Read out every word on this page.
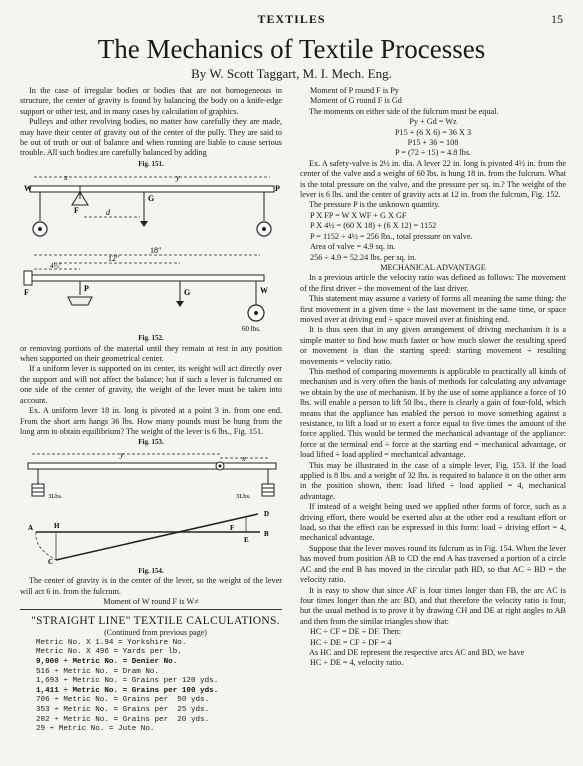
TEXTILES	15
The Mechanics of Textile Processes
By W. Scott Taggart, M. I. Mech. Eng.

In the case of irregular bodies or bodies that are not homogeneous in structure, the center of gravity is found by balancing the body on a knife-edge support or other test, and in many cases by calculation of graphics.

Pulleys and other revolving bodies, no matter how carefully they are made, may have their center of gravity out of the center of the pully. They are said to be out of truth or out of balance and when running are liable to cause serious trouble. All such bodies are carefully balanced by adding

Fig. 151.

x	y
W	P
F
G
d
18"
12"
4½"
F	P	G	W
60 lbs.

Fig. 152.

or removing portions of the material until they remain at rest in any position when supported on their geometrical center.

If a uniform lever is supported on its center, its weight will act directly over the support and will not affect the balance; but if such a lever is fulcrumed on one side of the center of gravity, the weight of the lever must be taken into account.

Ex. A uniform lever 18 in. long is pivoted at a point 3 in. from one end. From the short arm hangs 36 lbs. How many pounds must be hung from the long arm to obtain equilibrium? The weight of the lever is 6 lbs., Fig. 151.

Fig. 153.

y	x
3Lbs.	3Lbs.
A	H	F
D
E
B
C

Fig. 154.

The center of gravity is in the center of the lever, so the weight of the lever will act 6 in. from the fulcrum.

Moment of W round F is W≠

"STRAIGHT LINE" TEXTILE CALCULATIONS.

(Continued from previous page)

Metric No. X 1.94 = Yorkshire No.
Metric No. X 496 = Yards per lb.
9,000 ÷ Metric No. = Denier No.
516 ÷ Metric No. = Dram No.
1,693 ÷ Metric No. = Grains per 120 yds.
1,411 ÷ Metric No. = Grains per 100 yds.
706 ÷ Metric No. = Grains per  50 yds.
353 ÷ Metric No. = Grains per  25 yds.
282 ÷ Metric No. = Grains per  20 yds.
29 ÷ Metric No. = Jute No.

Moment of P round F is Py

Moment of G round F is Gd

The moments on either side of the fulcrum must be equal.

Py + Gd = Wz

P15 + (6 X 6) = 36 X 3

P15 + 36 = 108

P = (72 ÷ 15) = 4.8 lbs.

Ex. A safety-valve is 2½ in. dia. A lever 22 in. long is pivoted 4½ in. from the center of the valve and a weight of 60 lbs. is hung 18 in. from the fulcrum. What is the total pressure on the valve, and the pressure per sq. in.? The weight of the lever is 6 lbs. and the center of gravity acts at 12 in. from the fulcrum, Fig. 152.

The pressure P is the unknown quantity.

P X FP = W X WF + G X GF

P X 4½ = (60 X 18) + (6 X 12) = 1152

P = 1152 ÷ 4½ = 256 lbs., total pressure on valve.

Area of valve = 4.9 sq. in.

256 ÷ 4.9 = 52.24 lbs. per sq. in.

MECHANICAL ADVANTAGE

In a previous article the velocity ratio was defined as follows: The movement of the first driver ÷ the movement of the last driver.

This statement may assume a variety of forms all meaning the same thing: the first movement in a given time ÷ the last movement in the same time, or space moved over at driving end ÷ space moved over at finishing end.

It is thus seen that in any given arrangement of driving mechanism it is a simple matter to find how much faster or how much slower the resulting speed or movement is than the starting speed: starting movement ÷ resulting movements = velocity ratio.

This method of comparing movements is applicable to practically all kinds of mechanism and is very often the basis of methods for calculating any advantage we obtain by the use of mechanism. If by the use of some appliance a force of 10 lbs. will enable a person to lift 50 lbs., there is clearly a gain of four-fold, which means that the appliance has enabled the person to move something against a resistance, to lift a load or to exert a force equal to five times the amount of the force applied. This would be termed the mechanical advantage of the appliance: force at the terminal end ÷ force at the starting end = mechanical advantage, or load lifted ÷ load applied = mechanical advantage.

This may be illustrated in the case of a simple lever, Fig. 153. If the load applied is 8 lbs. and a weight of 32 lbs. is required to balance it on the other arm in the position shown, then: load lifted ÷ load applied = 4, mechanical advantage.

If instead of a weight being used we applied other forms of force, such as a driving effort, there would be exerted also at the other end a resultant effort or load, so that the effect can be expressed in this form: load ÷ driving effort = 4, mechanical advantage.

Suppose that the lever moves round its fulcrum as in Fig. 154. When the lever has moved from position AB to CD the end A has traversed a portion of a circle AC and the end B has moved in the circular path BD, so that AC ÷ BD = the velocity ratio.

It is easy to show that since AF is four times longer than FB, the arc AC is four times longer than the arc BD, and that therefore the velocity ratio is four, but the usual method is to prove it by drawing CH and DE at right angles to AB and then from the similar triangles show that:

HC ÷ CF = DE ÷ DF. Then:

HC ÷ DE = CF ÷ DF = 4

As HC and DE represent the respective arcs AC and BD, we have

HC ÷ DE = 4, velocity ratio.
